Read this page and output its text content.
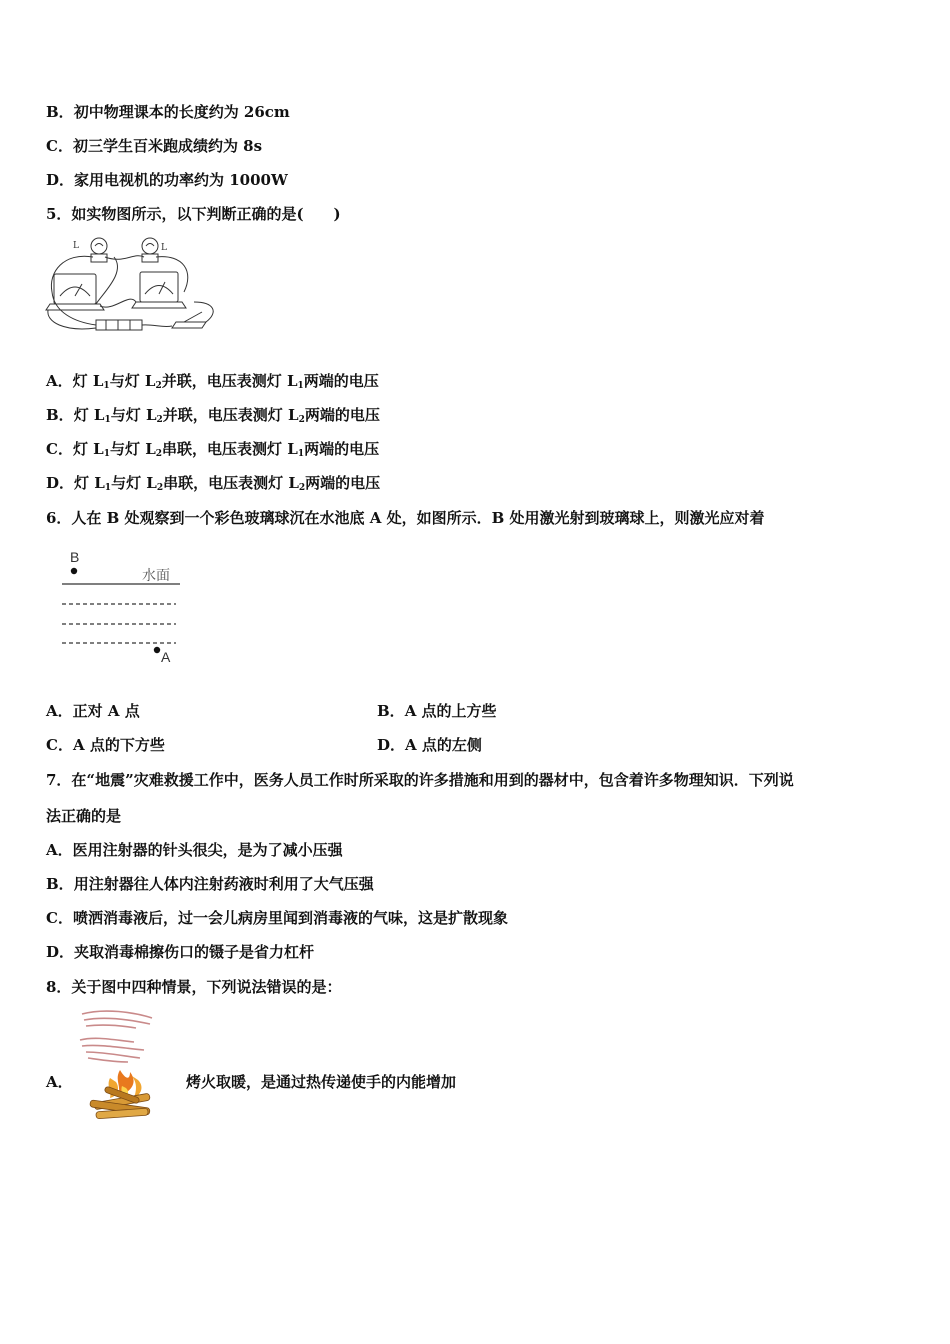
B．初中物理课本的长度约为 26cm
C．初三学生百米跑成绩约为 8s
D．家用电视机的功率约为 1000W
5．如实物图所示，以下判断正确的是(　　)
L	L
A．灯 $L_1$与灯 $L_2$并联，电压表测灯 $L_1$两端的电压
B．灯 $L_1$与灯 $L_2$并联，电压表测灯 $L_2$两端的电压
C．灯 $L_1$与灯 $L_2$串联，电压表测灯 $L_1$两端的电压
D．灯 $L_1$与灯 $L_2$串联，电压表测灯 $L_2$两端的电压
6．人在 B 处观察到一个彩色玻璃球沉在水池底 A 处，如图所示．B 处用激光射到玻璃球上，则激光应对着
B
水面
A
A．正对 A 点	B．A 点的上方些
C．A 点的下方些	D．A 点的左侧
7．在“地震”灾难救援工作中，医务人员工作时所采取的许多措施和用到的器材中，包含着许多物理知识．下列说
法正确的是
A．医用注射器的针头很尖，是为了减小压强
B．用注射器往人体内注射药液时利用了大气压强
C．喷洒消毒液后，过一会儿病房里闻到消毒液的气味，这是扩散现象
D．夹取消毒棉擦伤口的镊子是省力杠杆
8．关于图中四种情景，下列说法错误的是：
A．	烤火取暖，是通过热传递使手的内能增加
